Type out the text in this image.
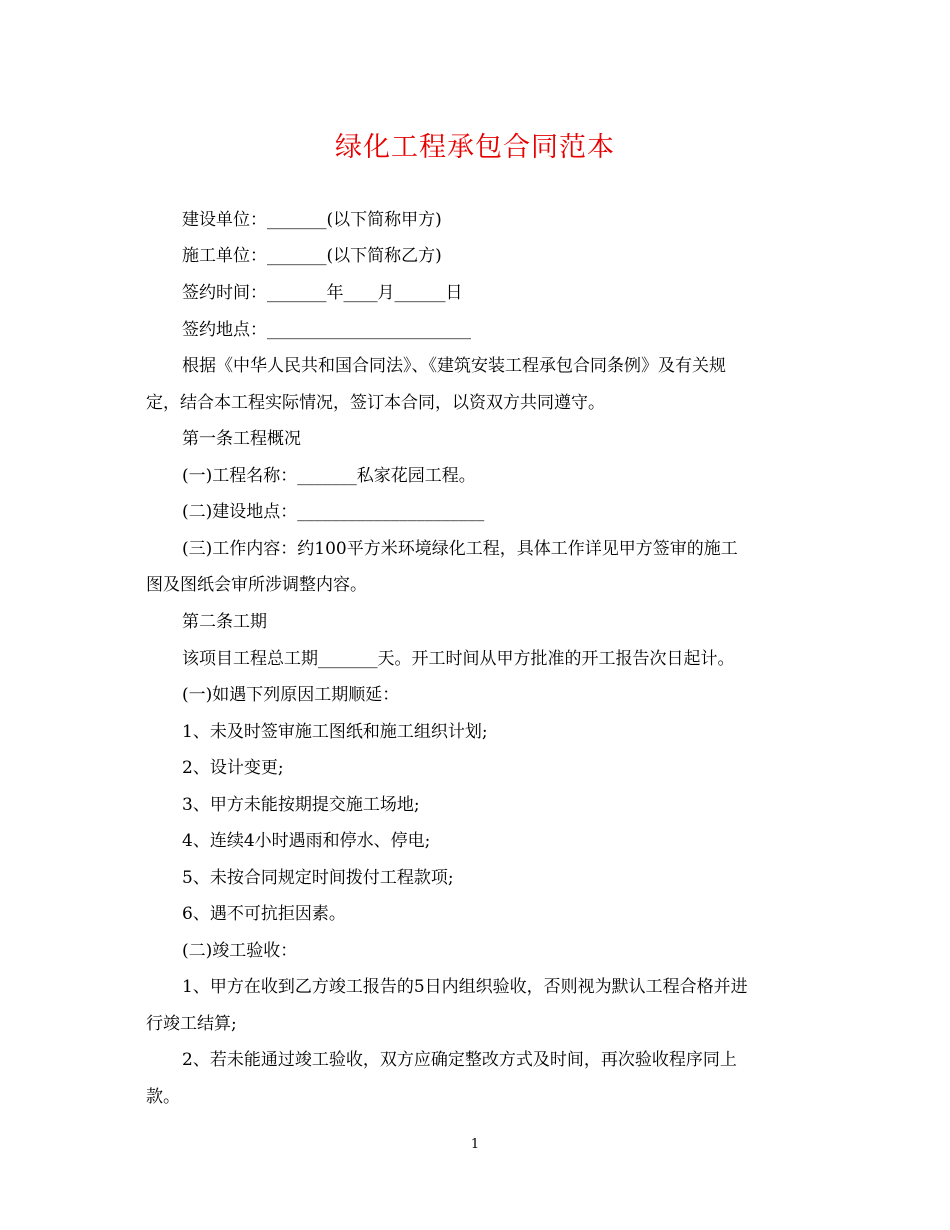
绿化工程承包合同范本
建设单位：_______(以下简称甲方)
施工单位：_______(以下简称乙方)
签约时间：_______年____月______日
签约地点：________________________
根据《中华人民共和国合同法》、《建筑安装工程承包合同条例》及有关规
定，结合本工程实际情况，签订本合同，以资双方共同遵守。
第一条工程概况
(一)工程名称：_______私家花园工程。
(二)建设地点：______________________
(三)工作内容：约100平方米环境绿化工程，具体工作详见甲方签审的施工
图及图纸会审所涉调整内容。
第二条工期
该项目工程总工期_______天。开工时间从甲方批准的开工报告次日起计。
(一)如遇下列原因工期顺延：
1、未及时签审施工图纸和施工组织计划;
2、设计变更;
3、甲方未能按期提交施工场地;
4、连续4小时遇雨和停水、停电;
5、未按合同规定时间拨付工程款项;
6、遇不可抗拒因素。
(二)竣工验收：
1、甲方在收到乙方竣工报告的5日内组织验收，否则视为默认工程合格并进
行竣工结算;
2、若未能通过竣工验收，双方应确定整改方式及时间，再次验收程序同上
款。
1
